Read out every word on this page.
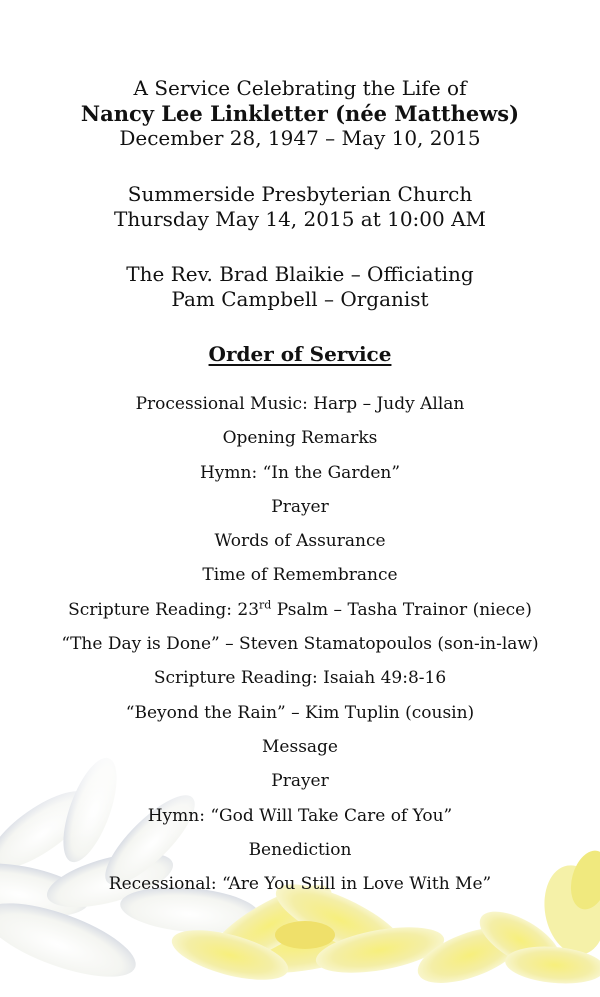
A Service Celebrating the Life of
Nancy Lee Linkletter (née Matthews)
December 28, 1947 – May 10, 2015
Summerside Presbyterian Church
Thursday May 14, 2015 at 10:00 AM
The Rev. Brad Blaikie – Officiating
Pam Campbell – Organist
Order of Service
Processional Music: Harp – Judy Allan
Opening Remarks
Hymn: “In the Garden”
Prayer
Words of Assurance
Time of Remembrance
Scripture Reading: 23rd Psalm – Tasha Trainor (niece)
“The Day is Done” – Steven Stamatopoulos (son-in-law)
Scripture Reading: Isaiah 49:8-16
“Beyond the Rain” – Kim Tuplin (cousin)
Message
Prayer
Hymn: “God Will Take Care of You”
Benediction
Recessional: “Are You Still in Love With Me”
